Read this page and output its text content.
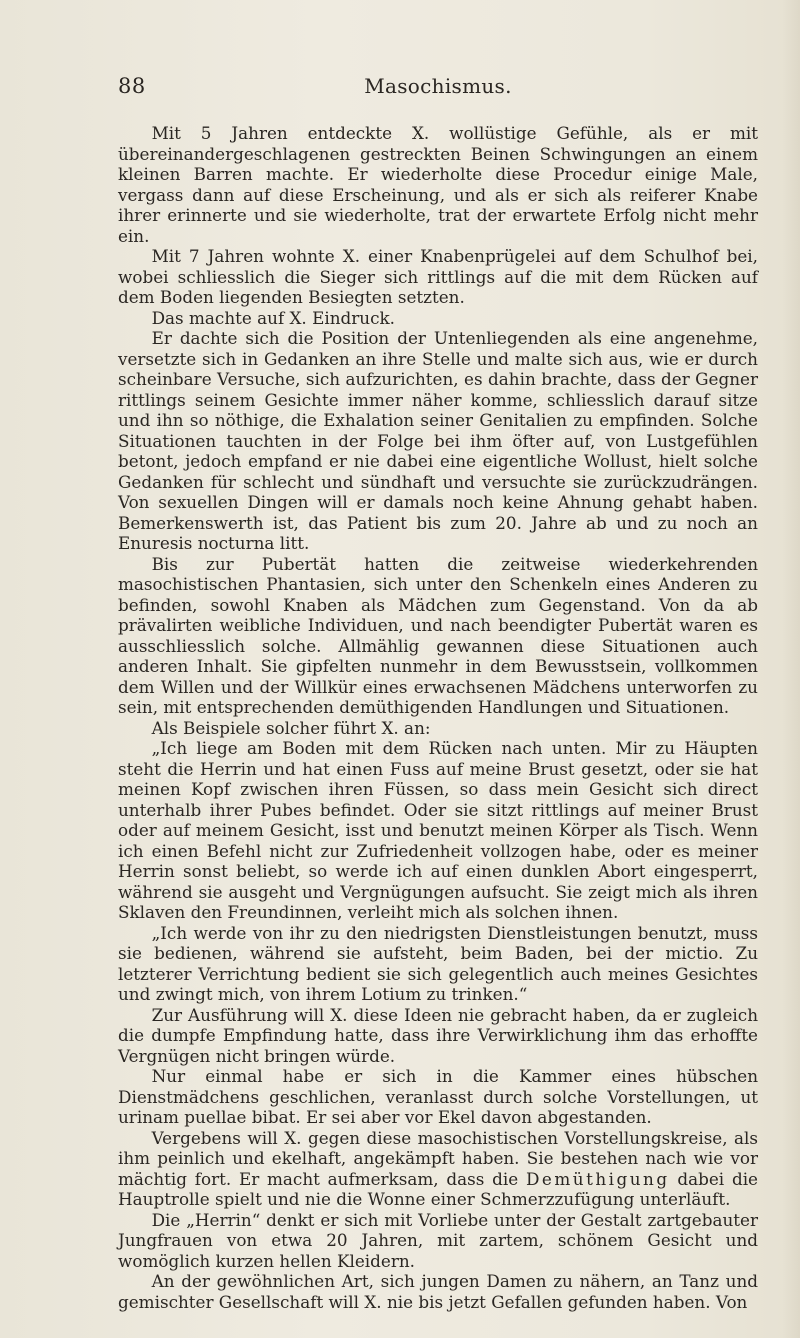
88	Masochismus.

Mit 5 Jahren entdeckte X. wollüstige Gefühle, als er mit übereinandergeschlagenen gestreckten Beinen Schwingungen an einem kleinen Barren machte. Er wiederholte diese Procedur einige Male, vergass dann auf diese Erscheinung, und als er sich als reiferer Knabe ihrer erinnerte und sie wiederholte, trat der erwartete Erfolg nicht mehr ein.

Mit 7 Jahren wohnte X. einer Knabenprügelei auf dem Schulhof bei, wobei schliesslich die Sieger sich rittlings auf die mit dem Rücken auf dem Boden liegenden Besiegten setzten.

Das machte auf X. Eindruck.

Er dachte sich die Position der Untenliegenden als eine angenehme, versetzte sich in Gedanken an ihre Stelle und malte sich aus, wie er durch scheinbare Versuche, sich aufzurichten, es dahin brachte, dass der Gegner rittlings seinem Gesichte immer näher komme, schliesslich darauf sitze und ihn so nöthige, die Exhalation seiner Genitalien zu empfinden. Solche Situationen tauchten in der Folge bei ihm öfter auf, von Lustgefühlen betont, jedoch empfand er nie dabei eine eigentliche Wollust, hielt solche Gedanken für schlecht und sündhaft und versuchte sie zurückzudrängen. Von sexuellen Dingen will er damals noch keine Ahnung gehabt haben. Bemerkenswerth ist, das Patient bis zum 20. Jahre ab und zu noch an Enuresis nocturna litt.

Bis zur Pubertät hatten die zeitweise wiederkehrenden masochistischen Phantasien, sich unter den Schenkeln eines Anderen zu befinden, sowohl Knaben als Mädchen zum Gegenstand. Von da ab prävalirten weibliche Individuen, und nach beendigter Pubertät waren es ausschliesslich solche. Allmählig gewannen diese Situationen auch anderen Inhalt. Sie gipfelten nunmehr in dem Bewusstsein, vollkommen dem Willen und der Willkür eines erwachsenen Mädchens unterworfen zu sein, mit entsprechenden demüthigenden Handlungen und Situationen.

Als Beispiele solcher führt X. an:

„Ich liege am Boden mit dem Rücken nach unten. Mir zu Häupten steht die Herrin und hat einen Fuss auf meine Brust gesetzt, oder sie hat meinen Kopf zwischen ihren Füssen, so dass mein Gesicht sich direct unterhalb ihrer Pubes befindet. Oder sie sitzt rittlings auf meiner Brust oder auf meinem Gesicht, isst und benutzt meinen Körper als Tisch. Wenn ich einen Befehl nicht zur Zufriedenheit vollzogen habe, oder es meiner Herrin sonst beliebt, so werde ich auf einen dunklen Abort eingesperrt, während sie ausgeht und Vergnügungen aufsucht. Sie zeigt mich als ihren Sklaven den Freundinnen, verleiht mich als solchen ihnen.

„Ich werde von ihr zu den niedrigsten Dienstleistungen benutzt, muss sie bedienen, während sie aufsteht, beim Baden, bei der mictio. Zu letzterer Verrichtung bedient sie sich gelegentlich auch meines Gesichtes und zwingt mich, von ihrem Lotium zu trinken.“

Zur Ausführung will X. diese Ideen nie gebracht haben, da er zugleich die dumpfe Empfindung hatte, dass ihre Verwirklichung ihm das erhoffte Vergnügen nicht bringen würde.

Nur einmal habe er sich in die Kammer eines hübschen Dienstmädchens geschlichen, veranlasst durch solche Vorstellungen, ut urinam puellae bibat. Er sei aber vor Ekel davon abgestanden.

Vergebens will X. gegen diese masochistischen Vorstellungskreise, als ihm peinlich und ekelhaft, angekämpft haben. Sie bestehen nach wie vor mächtig fort. Er macht aufmerksam, dass die Demüthigung dabei die Hauptrolle spielt und nie die Wonne einer Schmerzzufügung unterläuft.

Die „Herrin“ denkt er sich mit Vorliebe unter der Gestalt zartgebauter Jungfrauen von etwa 20 Jahren, mit zartem, schönem Gesicht und womöglich kurzen hellen Kleidern.

An der gewöhnlichen Art, sich jungen Damen zu nähern, an Tanz und gemischter Gesellschaft will X. nie bis jetzt Gefallen gefunden haben. Von
